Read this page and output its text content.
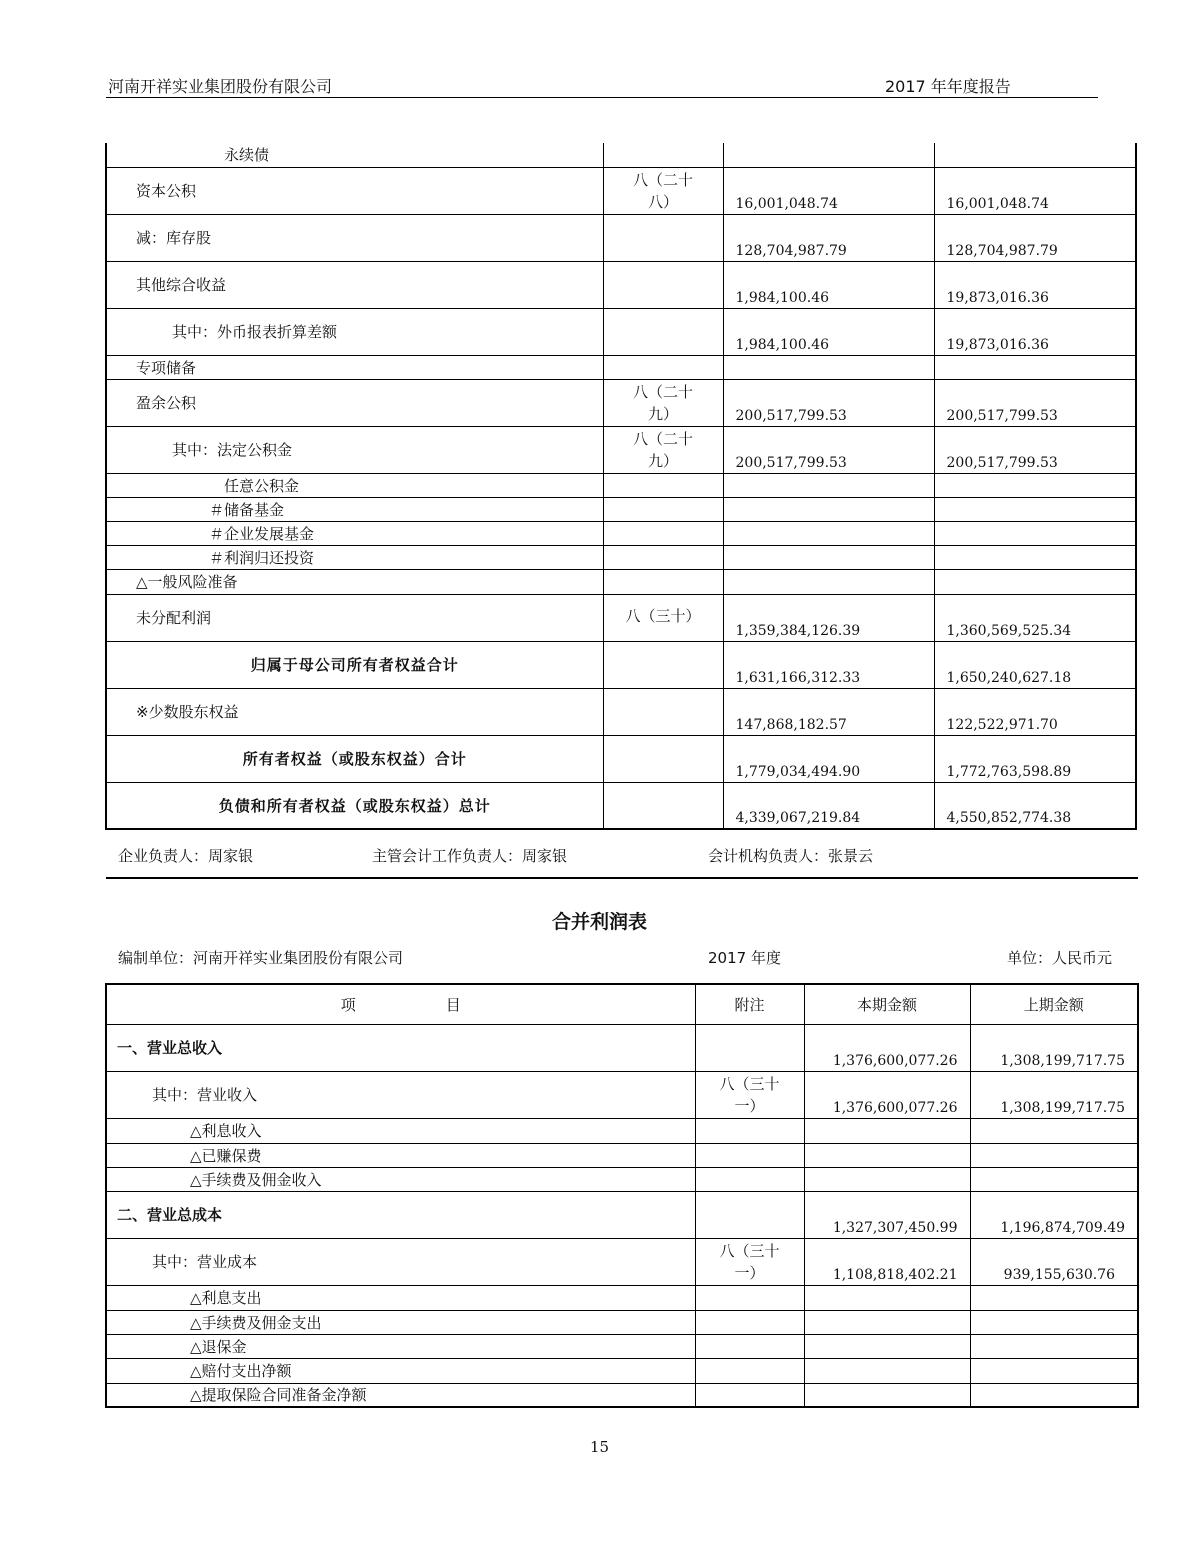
河南开祥实业集团股份有限公司	2017 年年度报告
永续债			
资本公积	八（二十八）	16,001,048.74	16,001,048.74
减：库存股		128,704,987.79	128,704,987.79
其他综合收益		1,984,100.46	19,873,016.36
其中：外币报表折算差额		1,984,100.46	19,873,016.36
专项储备			
盈余公积	八（二十九）	200,517,799.53	200,517,799.53
其中：法定公积金	八（二十九）	200,517,799.53	200,517,799.53
任意公积金			
＃储备基金			
＃企业发展基金			
＃利润归还投资			
△一般风险准备			
未分配利润	八（三十）	1,359,384,126.39	1,360,569,525.34
归属于母公司所有者权益合计		1,631,166,312.33	1,650,240,627.18
※少数股东权益		147,868,182.57	122,522,971.70
所有者权益（或股东权益）合计		1,779,034,494.90	1,772,763,598.89
负债和所有者权益（或股东权益）总计		4,339,067,219.84	4,550,852,774.38
企业负责人：周家银	主管会计工作负责人：周家银	会计机构负责人：张景云
合并利润表
编制单位：河南开祥实业集团股份有限公司	2017 年度	单位：人民币元
项　　　　　　目	附注	本期金额	上期金额
一、营业总收入		1,376,600,077.26	1,308,199,717.75
其中：营业收入	八（三十一）	1,376,600,077.26	1,308,199,717.75
△利息收入			
△已赚保费			
△手续费及佣金收入			
二、营业总成本		1,327,307,450.99	1,196,874,709.49
其中：营业成本	八（三十一）	1,108,818,402.21	939,155,630.76
△利息支出			
△手续费及佣金支出			
△退保金			
△赔付支出净额			
△提取保险合同准备金净额			
15
